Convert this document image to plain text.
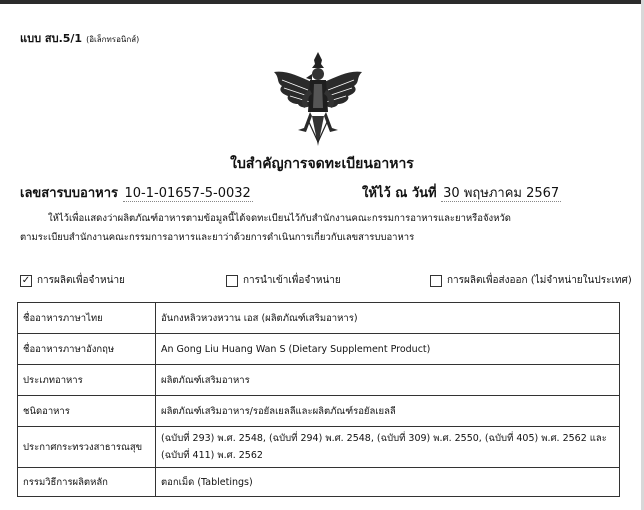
แบบ สบ.5/1 (อิเล็กทรอนิกส์)
ใบสำคัญการจดทะเบียนอาหาร
เลขสารบบอาหาร 10-1-01657-5-0032	ให้ไว้ ณ วันที่ 30 พฤษภาคม 2567
ให้ไว้เพื่อแสดงว่าผลิตภัณฑ์อาหารตามข้อมูลนี้ได้จดทะเบียนไว้กับสำนักงานคณะกรรมการอาหารและยาหรือจังหวัด
ตามระเบียบสำนักงานคณะกรรมการอาหารและยาว่าด้วยการดำเนินการเกี่ยวกับเลขสารบบอาหาร
✓ การผลิตเพื่อจำหน่าย	การนำเข้าเพื่อจำหน่าย	การผลิตเพื่อส่งออก (ไม่จำหน่ายในประเทศ)
ชื่ออาหารภาษาไทย	อันกงหลิวหวงหวาน เอส (ผลิตภัณฑ์เสริมอาหาร)
ชื่ออาหารภาษาอังกฤษ	An Gong Liu Huang Wan S (Dietary Supplement Product)
ประเภทอาหาร	ผลิตภัณฑ์เสริมอาหาร
ชนิดอาหาร	ผลิตภัณฑ์เสริมอาหาร/รอยัลเยลลีและผลิตภัณฑ์รอยัลเยลลี
ประกาศกระทรวงสาธารณสุข	(ฉบับที่ 293) พ.ศ. 2548, (ฉบับที่ 294) พ.ศ. 2548, (ฉบับที่ 309) พ.ศ. 2550, (ฉบับที่ 405) พ.ศ. 2562 และ (ฉบับที่ 411) พ.ศ. 2562
กรรมวิธีการผลิตหลัก	ตอกเม็ด (Tabletings)
